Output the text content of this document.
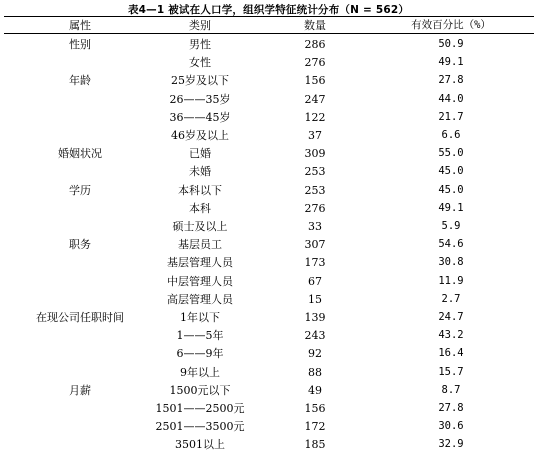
表4—1 被试在人口学，组织学特征统计分布（N = 562）
属性	类别	数量	有效百分比（%）
性别	男性	286	50.9
女性	276	49.1
年龄	25岁及以下	156	27.8
26——35岁	247	44.0
36——45岁	122	21.7
46岁及以上	37	6.6
婚姻状况	已婚	309	55.0
未婚	253	45.0
学历	本科以下	253	45.0
本科	276	49.1
硕士及以上	33	5.9
职务	基层员工	307	54.6
基层管理人员	173	30.8
中层管理人员	67	11.9
高层管理人员	15	2.7
在现公司任职时间	1年以下	139	24.7
1——5年	243	43.2
6——9年	92	16.4
9年以上	88	15.7
月薪	1500元以下	49	8.7
1501——2500元	156	27.8
2501——3500元	172	30.6
3501以上	185	32.9
